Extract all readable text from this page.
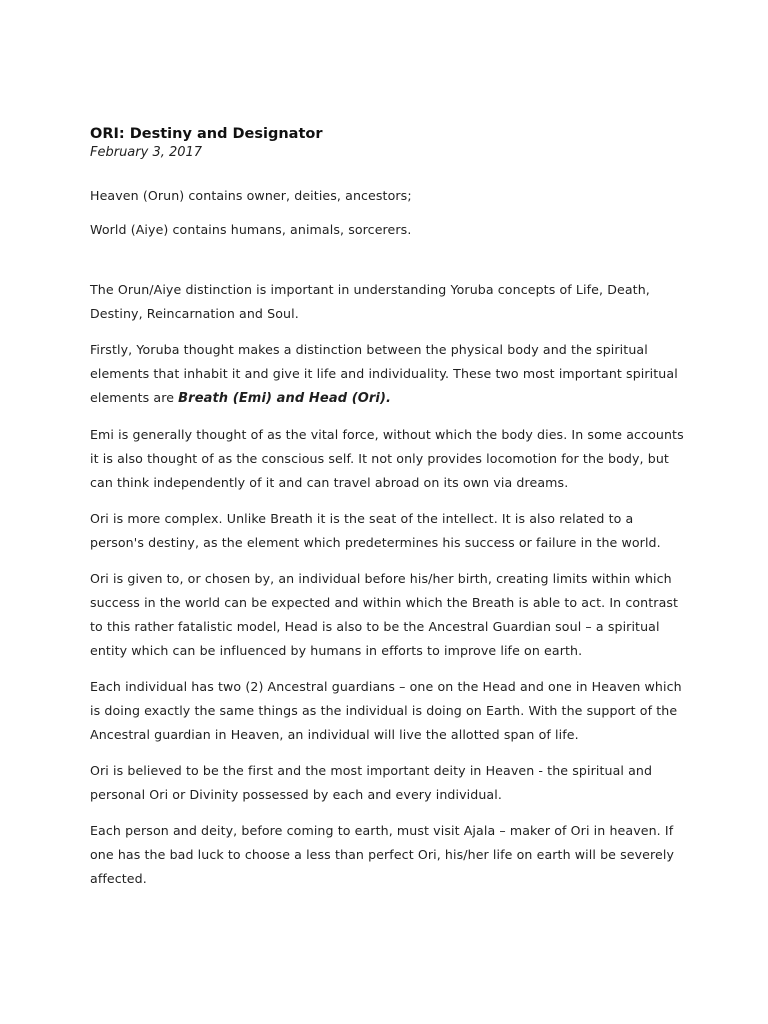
ORI: Destiny and Designator
February 3, 2017

Heaven (Orun) contains owner, deities, ancestors;

World (Aiye) contains humans, animals, sorcerers.

The Orun/Aiye distinction is important in understanding Yoruba concepts of Life, Death, Destiny, Reincarnation and Soul.

Firstly, Yoruba thought makes a distinction between the physical body and the spiritual elements that inhabit it and give it life and individuality. These two most important spiritual elements are Breath (Emi) and Head (Ori).

Emi is generally thought of as the vital force, without which the body dies. In some accounts it is also thought of as the conscious self. It not only provides locomotion for the body, but can think independently of it and can travel abroad on its own via dreams.

Ori is more complex. Unlike Breath it is the seat of the intellect. It is also related to a person's destiny, as the element which predetermines his success or failure in the world.

Ori is given to, or chosen by, an individual before his/her birth, creating limits within which success in the world can be expected and within which the Breath is able to act. In contrast to this rather fatalistic model, Head is also to be the Ancestral Guardian soul – a spiritual entity which can be influenced by humans in efforts to improve life on earth.

Each individual has two (2) Ancestral guardians – one on the Head and one in Heaven which is doing exactly the same things as the individual is doing on Earth. With the support of the Ancestral guardian in Heaven, an individual will live the allotted span of life.

Ori is believed to be the first and the most important deity in Heaven - the spiritual and personal Ori or Divinity possessed by each and every individual.

Each person and deity, before coming to earth, must visit Ajala – maker of Ori in heaven. If one has the bad luck to choose a less than perfect Ori, his/her life on earth will be severely affected.
